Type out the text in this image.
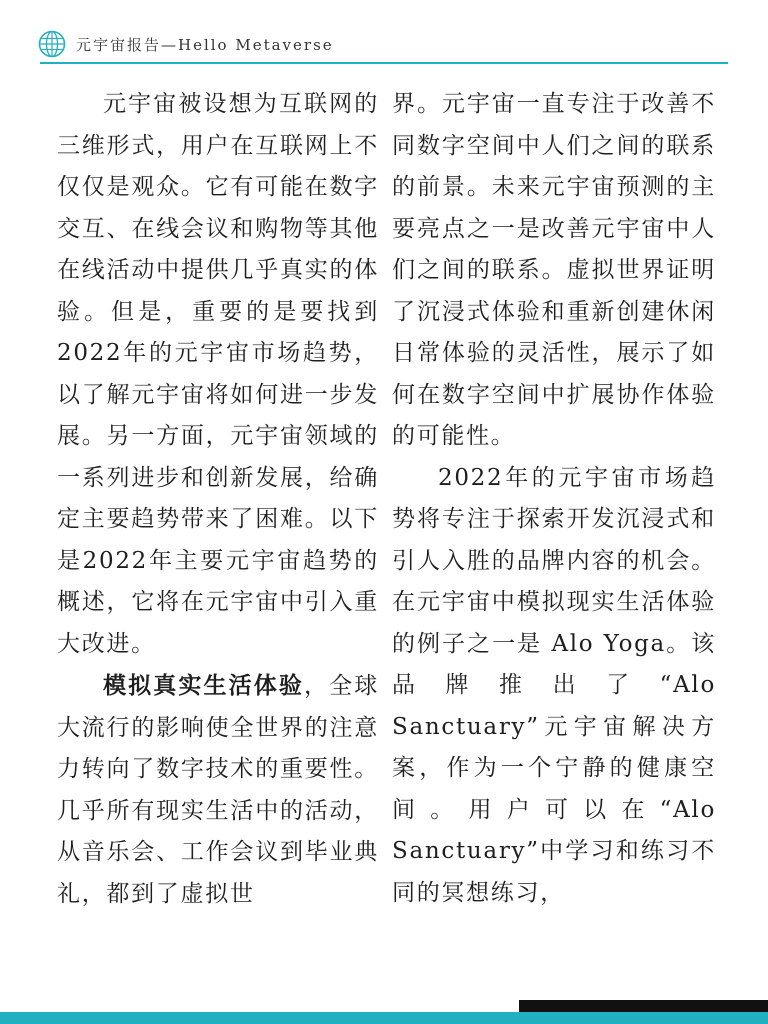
元宇宙报告—Hello Metaverse

元宇宙被设想为互联网的三维形式，用户在互联网上不仅仅是观众。它有可能在数字交互、在线会议和购物等其他在线活动中提供几乎真实的体验。但是，重要的是要找到2022年的元宇宙市场趋势，以了解元宇宙将如何进一步发展。另一方面，元宇宙领域的一系列进步和创新发展，给确定主要趋势带来了困难。以下是2022年主要元宇宙趋势的概述，它将在元宇宙中引入重大改进。

模拟真实生活体验，全球大流行的影响使全世界的注意力转向了数字技术的重要性。几乎所有现实生活中的活动，从音乐会、工作会议到毕业典礼，都到了虚拟世

界。元宇宙一直专注于改善不同数字空间中人们之间的联系的前景。未来元宇宙预测的主要亮点之一是改善元宇宙中人们之间的联系。虚拟世界证明了沉浸式体验和重新创建休闲日常体验的灵活性，展示了如何在数字空间中扩展协作体验的可能性。

2022年的元宇宙市场趋势将专注于探索开发沉浸式和引人入胜的品牌内容的机会。在元宇宙中模拟现实生活体验的例子之一是 Alo Yoga。该品牌推出了“Alo Sanctuary”元宇宙解决方案，作为一个宁静的健康空间。用户可以在“Alo Sanctuary”中学习和练习不同的冥想练习，
